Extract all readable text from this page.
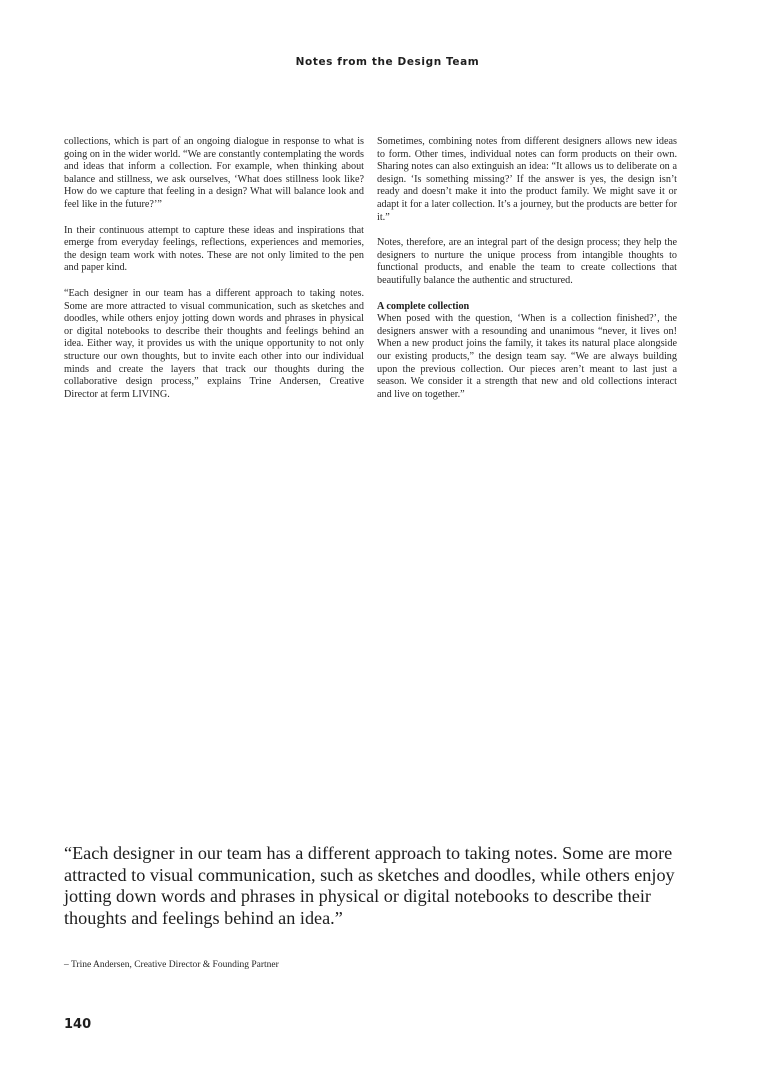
Notes from the Design Team

collections, which is part of an ongoing dialogue in response to what is going on in the wider world. “We are constantly contemplating the words and ideas that inform a collection. For example, when thinking about balance and stillness, we ask ourselves, ‘What does stillness look like? How do we capture that feeling in a design? What will balance look and feel like in the future?’”

In their continuous attempt to capture these ideas and inspirations that emerge from everyday feelings, reflections, experiences and memories, the design team work with notes. These are not only limited to the pen and paper kind.

“Each designer in our team has a different approach to taking notes. Some are more attracted to visual communication, such as sketches and doodles, while others enjoy jotting down words and phrases in physical or digital notebooks to describe their thoughts and feelings behind an idea. Either way, it provides us with the unique opportunity to not only structure our own thoughts, but to invite each other into our individual minds and create the layers that track our thoughts during the collaborative design process,” explains Trine Andersen, Creative Director at ferm LIVING.

Sometimes, combining notes from different designers allows new ideas to form. Other times, individual notes can form products on their own. Sharing notes can also extinguish an idea: “It allows us to deliberate on a design. ‘Is something missing?’ If the answer is yes, the design isn’t ready and doesn’t make it into the product family. We might save it or adapt it for a later collection. It’s a journey, but the products are better for it.”

Notes, therefore, are an integral part of the design process; they help the designers to nurture the unique process from intangible thoughts to functional products, and enable the team to create collections that beautifully balance the authentic and structured.

A complete collection

When posed with the question, ‘When is a collection finished?’, the designers answer with a resounding and unanimous “never, it lives on! When a new product joins the family, it takes its natural place alongside our existing products,” the design team say. “We are always building upon the previous collection. Our pieces aren’t meant to last just a season. We consider it a strength that new and old collections interact and live on together.”

“Each designer in our team has a different approach to taking notes. Some are more attracted to visual communication, such as sketches and doodles, while others enjoy jotting down words and phrases in physical or digital notebooks to describe their thoughts and feelings behind an idea.”

– Trine Andersen, Creative Director & Founding Partner
140
